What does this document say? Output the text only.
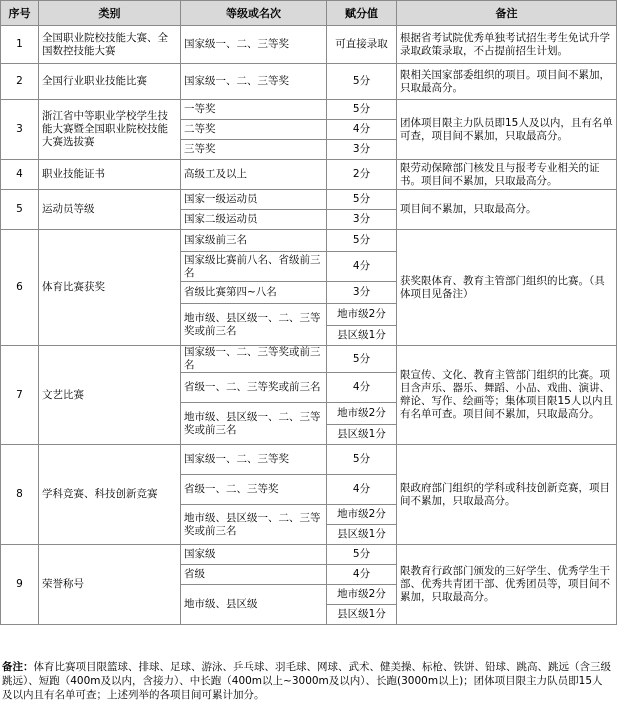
序号	类别	等级或名次	赋分值	备注
1	全国职业院校技能大赛、全国数控技能大赛	国家级一、二、三等奖	可直接录取	根据省考试院优秀单独考试招生考生免试升学录取政策录取，不占提前招生计划。
2	全国行业职业技能比赛	国家级一、二、三等奖	5分	限相关国家部委组织的项目。项目间不累加，只取最高分。
3	浙江省中等职业学校学生技能大赛暨全国职业院校技能大赛选拔赛	一等奖	5分	团体项目限主力队员即15人及以内，且有名单可查，项目间不累加，只取最高分。
		二等奖	4分	
		三等奖	3分	
4	职业技能证书	高级工及以上	2分	限劳动保障部门核发且与报考专业相关的证书。项目间不累加，只取最高分。
5	运动员等级	国家一级运动员	5分	项目间不累加，只取最高分。
		国家二级运动员	3分	
6	体育比赛获奖	国家级前三名	5分	获奖限体育、教育主管部门组织的比赛。（具体项目见备注）
		国家级比赛前八名、省级前三名	4分	
		省级比赛第四~八名	3分	
		地市级、县区级一、二、三等奖或前三名	地市级2分	
			县区级1分	
7	文艺比赛	国家级一、二、三等奖或前三名	5分	限宣传、文化、教育主管部门组织的比赛。项目含声乐、器乐、舞蹈、小品、戏曲、演讲、辩论、写作、绘画等；集体项目限15人以内且有名单可查。项目间不累加，只取最高分。
		省级一、二、三等奖或前三名	4分	
		地市级、县区级一、二、三等奖或前三名	地市级2分	
			县区级1分	
8	学科竞赛、科技创新竞赛	国家级一、二、三等奖	5分	限政府部门组织的学科或科技创新竞赛，项目间不累加，只取最高分。
		省级一、二、三等奖	4分	
		地市级、县区级一、二、三等奖或前三名	地市级2分	
			县区级1分	
9	荣誉称号	国家级	5分	限教育行政部门颁发的三好学生、优秀学生干部、优秀共青团干部、优秀团员等，项目间不累加，只取最高分。
		省级	4分	
		地市级、县区级	地市级2分	
			县区级1分	
备注：体育比赛项目限篮球、排球、足球、游泳、乒乓球、羽毛球、网球、武术、健美操、标枪、铁饼、铅球、跳高、跳远（含三级跳远）、短跑（400m及以内，含接力）、中长跑（400m以上~3000m及以内）、长跑(3000m以上)；团体项目限主力队员即15人及以内且有名单可查；上述列举的各项目间可累计加分。
